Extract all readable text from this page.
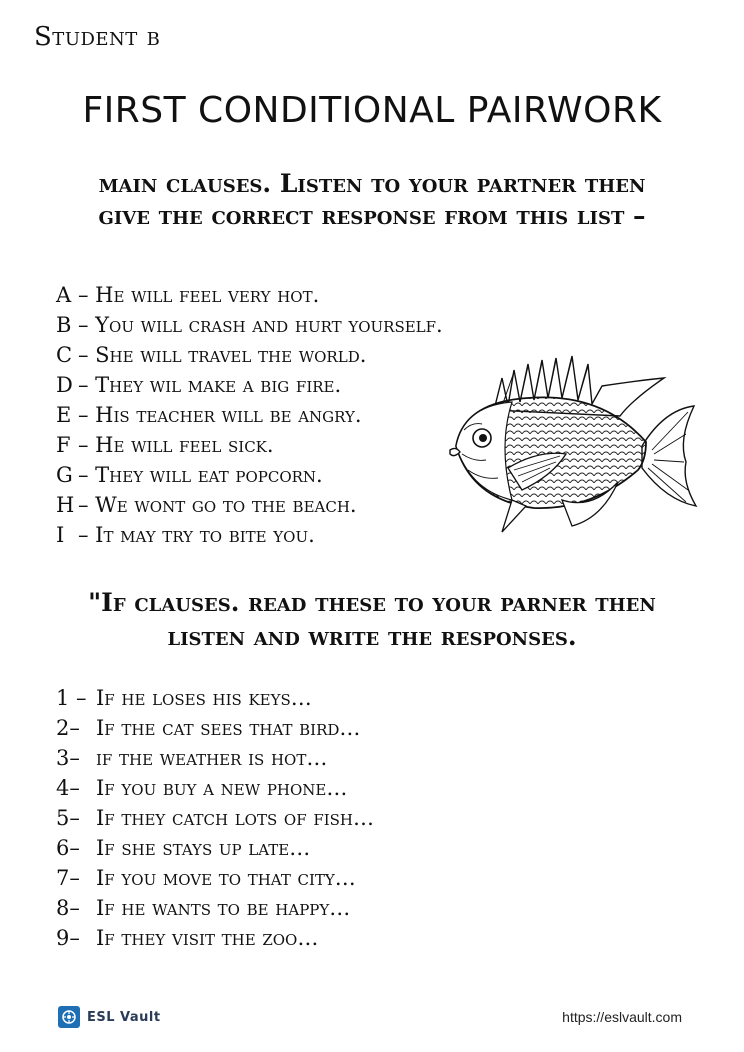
Student b
FIRST CONDITIONAL PAIRWORK
main clauses. Listen to your partner then
give the correct response from this list –
A – He will feel very hot.
B – You will crash and hurt yourself.
C – She will travel the world.
D – They wil make a big fire.
E – His teacher will be angry.
F – He will feel sick.
G – They will eat popcorn.
H – We wont go to the beach.
I – It may try to bite you.
"If clauses. read these to your parner then
listen and write the responses.
1 – If he loses his keys…
2– If the cat sees that bird…
3– if the weather is hot…
4– If you buy a new phone…
5– If they catch lots of fish…
6– If she stays up late…
7– If you move to that city…
8– If he wants to be happy…
9– If they visit the zoo…
ESL Vault	https://eslvault.com
